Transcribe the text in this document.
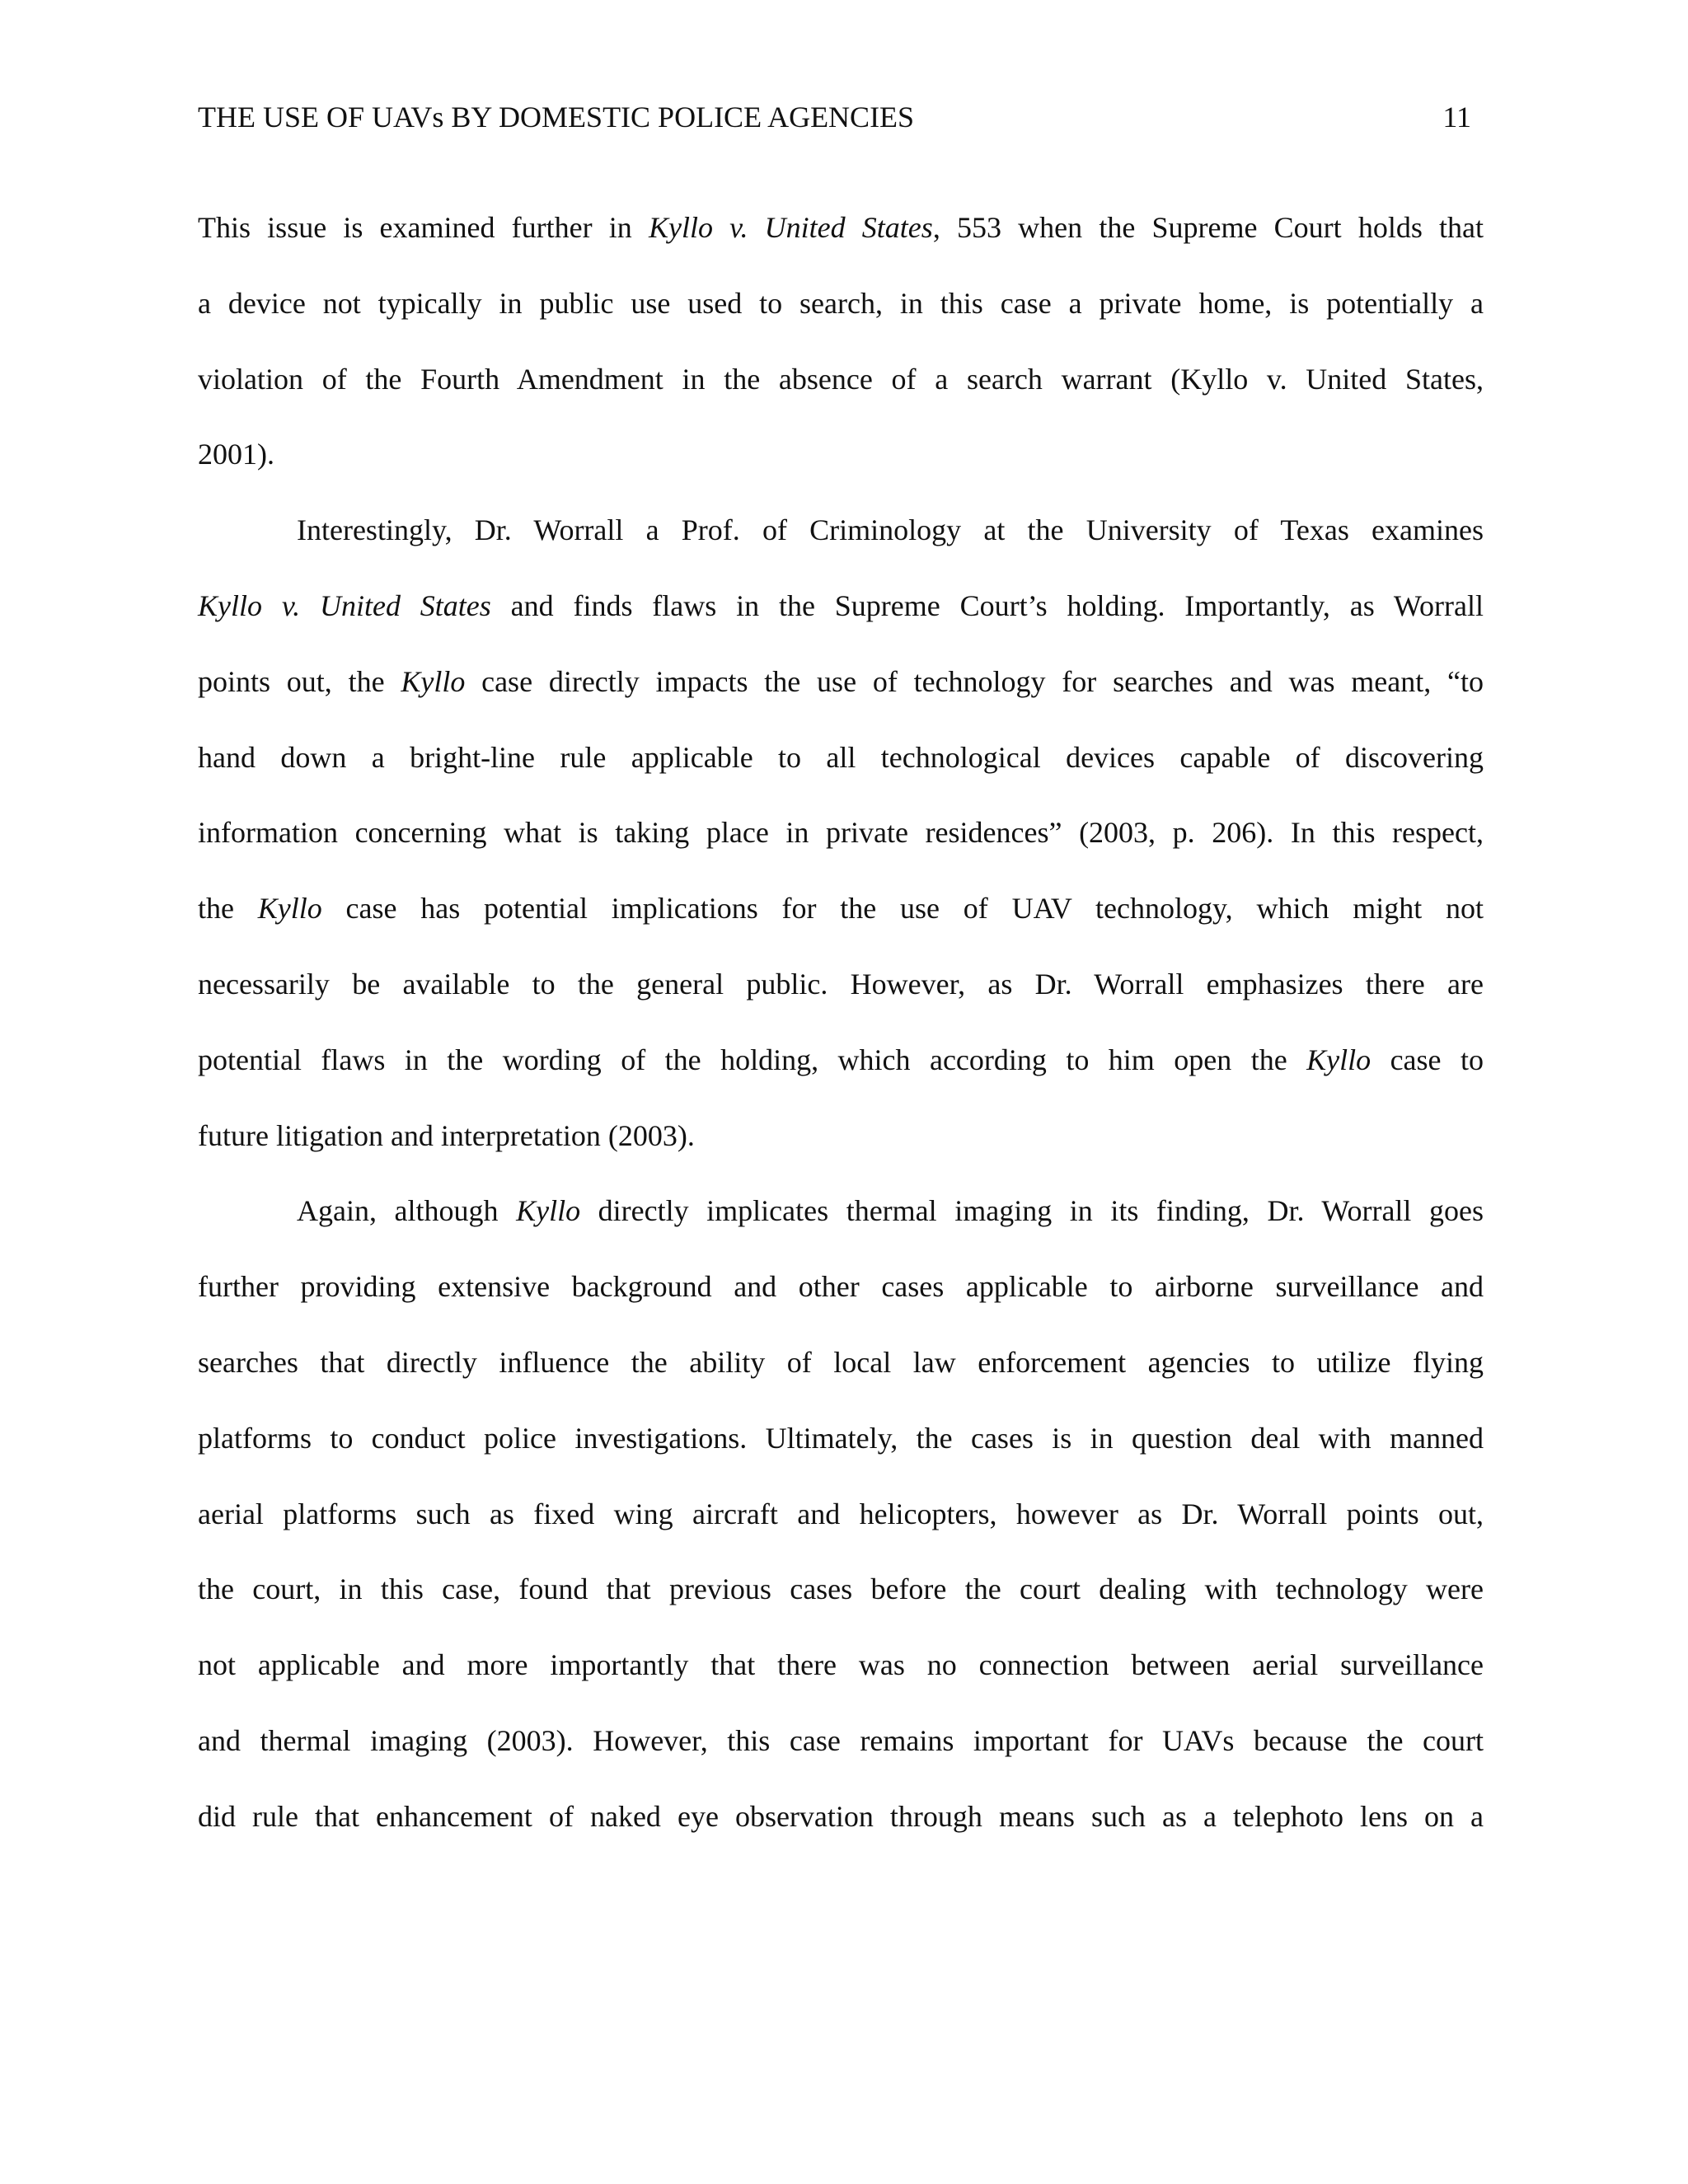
THE USE OF UAVs BY DOMESTIC POLICE AGENCIES	11
This issue is examined further in Kyllo v. United States, 553 when the Supreme Court holds that
a device not typically in public use used to search, in this case a private home, is potentially a
violation of the Fourth Amendment in the absence of a search warrant (Kyllo v. United States,
2001).
Interestingly, Dr. Worrall a Prof. of Criminology at the University of Texas examines
Kyllo v. United States and finds flaws in the Supreme Court’s holding. Importantly, as Worrall
points out, the Kyllo case directly impacts the use of technology for searches and was meant, “to
hand down a bright-line rule applicable to all technological devices capable of discovering
information concerning what is taking place in private residences” (2003, p. 206). In this respect,
the Kyllo case has potential implications for the use of UAV technology, which might not
necessarily be available to the general public. However, as Dr. Worrall emphasizes there are
potential flaws in the wording of the holding, which according to him open the Kyllo case to
future litigation and interpretation (2003).
Again, although Kyllo directly implicates thermal imaging in its finding, Dr. Worrall goes
further providing extensive background and other cases applicable to airborne surveillance and
searches that directly influence the ability of local law enforcement agencies to utilize flying
platforms to conduct police investigations. Ultimately, the cases is in question deal with manned
aerial platforms such as fixed wing aircraft and helicopters, however as Dr. Worrall points out,
the court, in this case, found that previous cases before the court dealing with technology were
not applicable and more importantly that there was no connection between aerial surveillance
and thermal imaging (2003). However, this case remains important for UAVs because the court
did rule that enhancement of naked eye observation through means such as a telephoto lens on a
